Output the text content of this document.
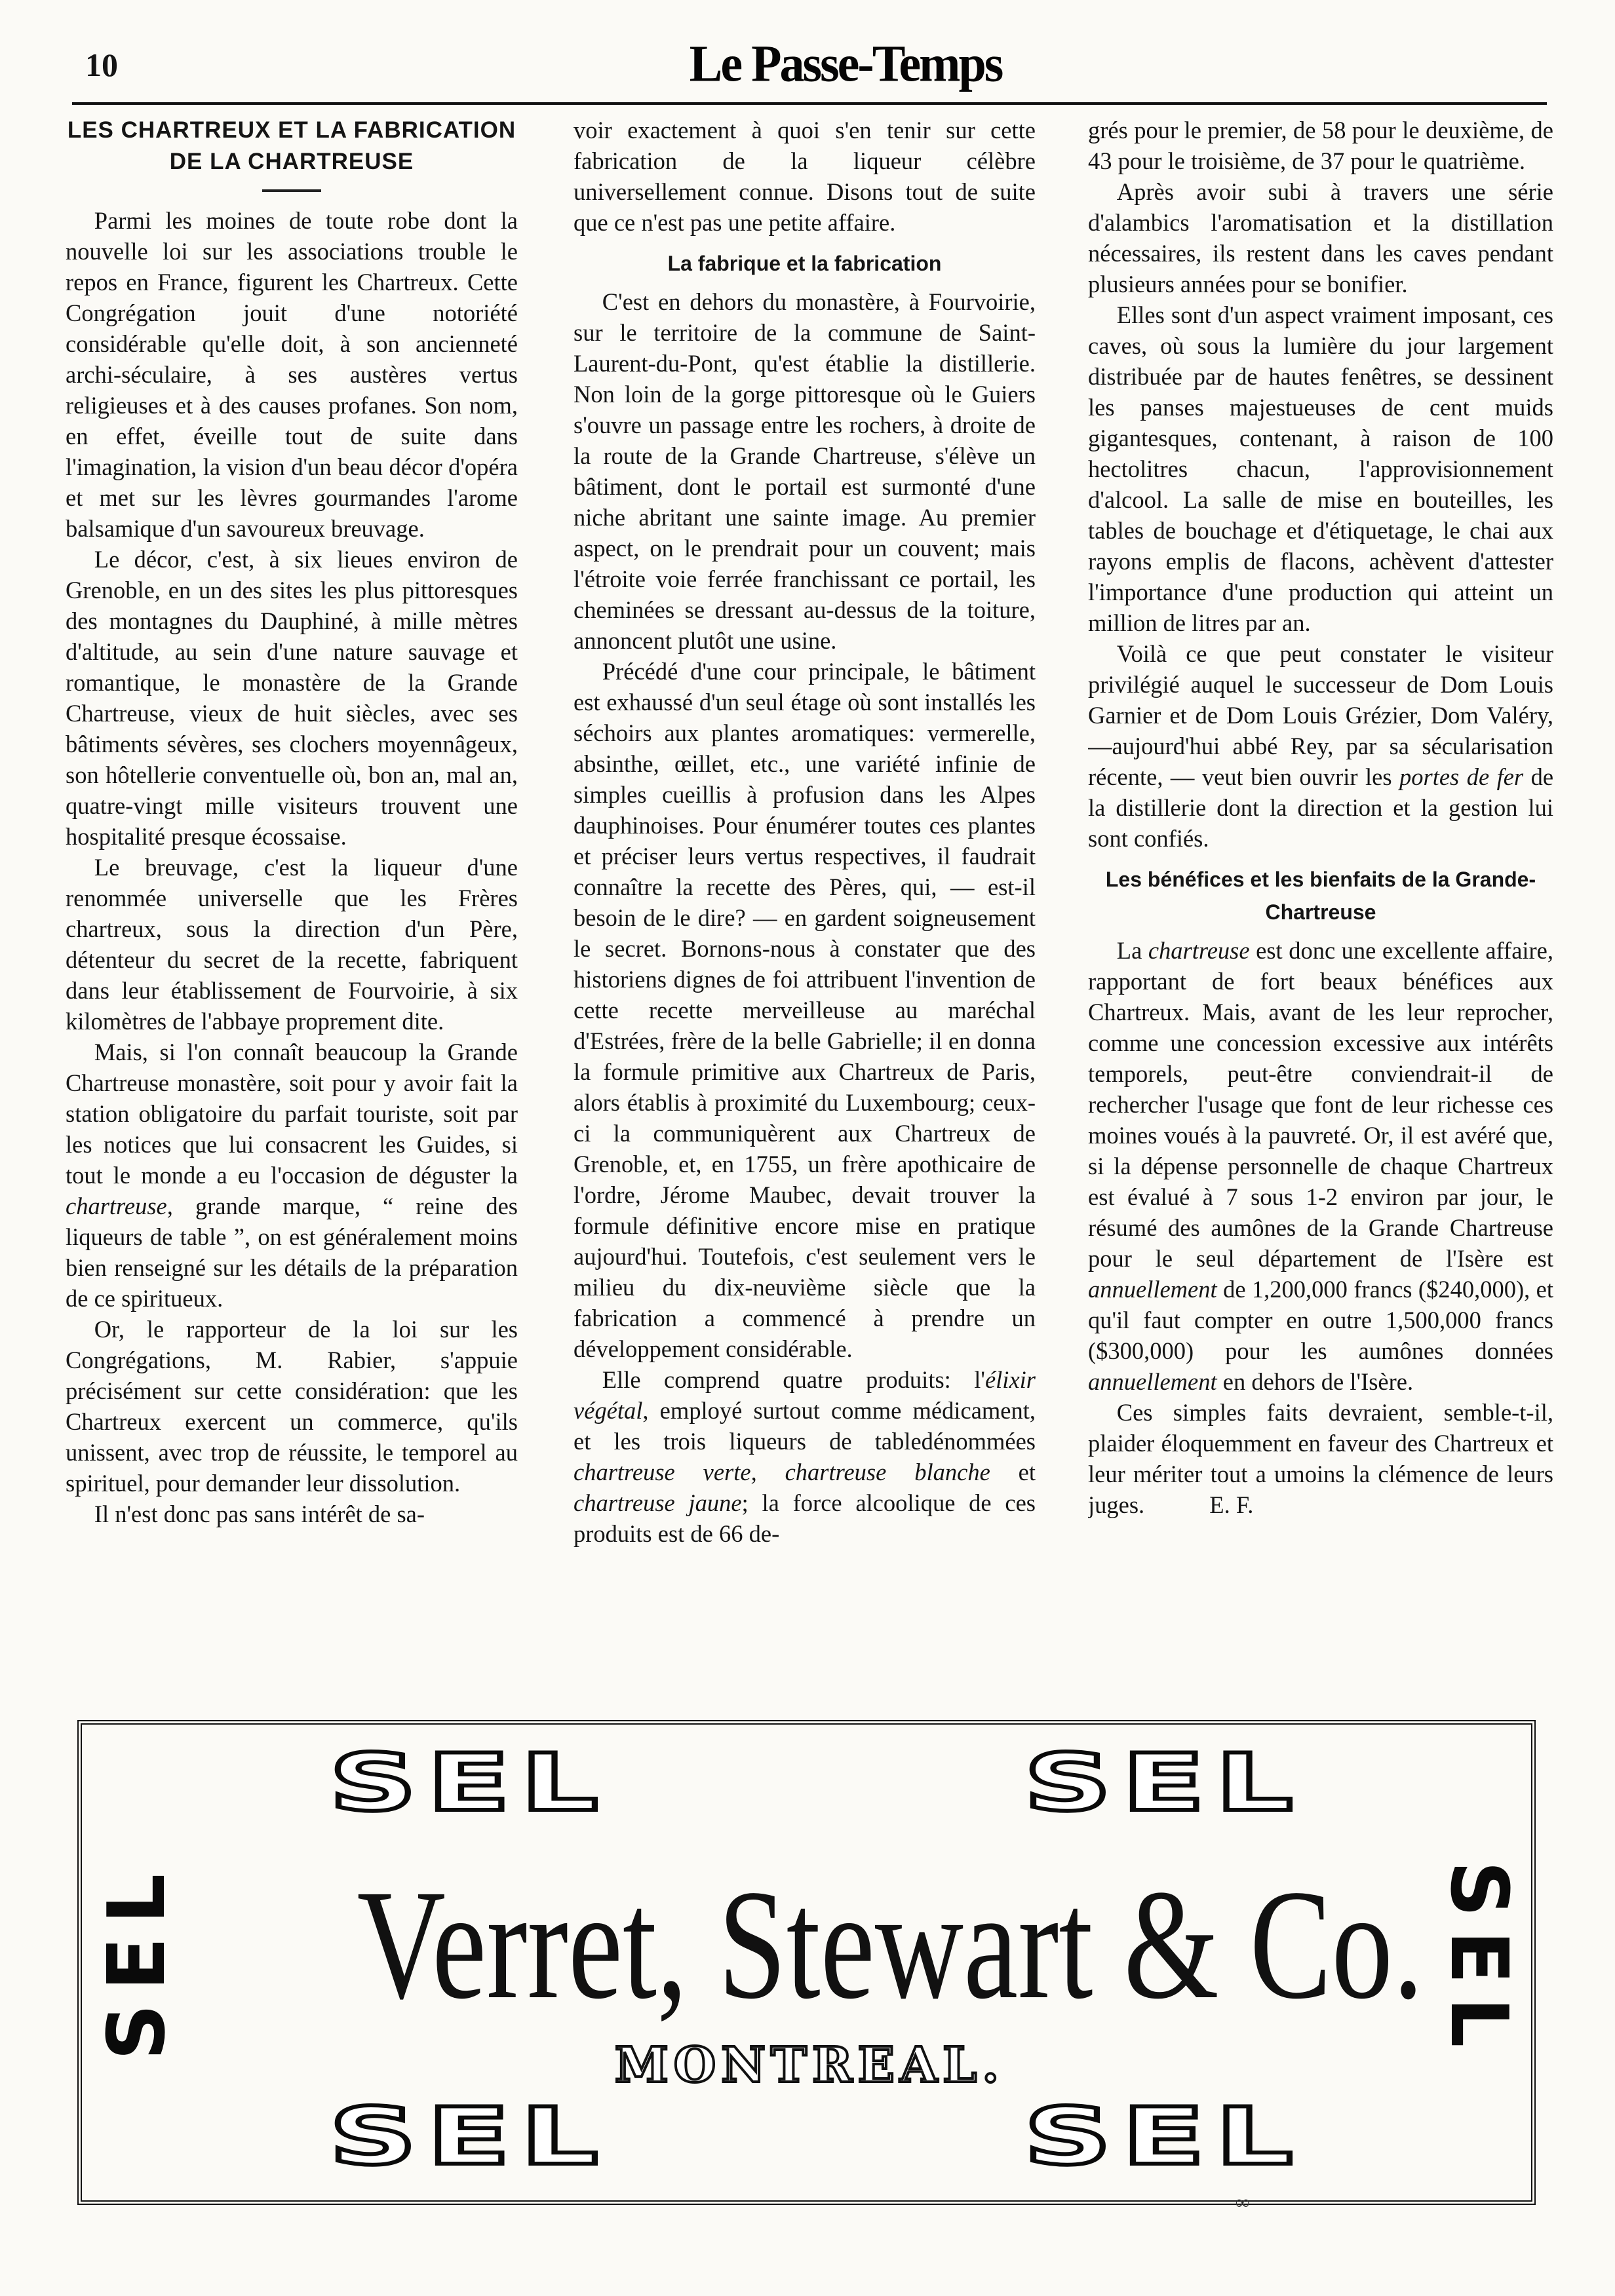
10	Le Passe-Temps
LES CHARTREUX ET LA FABRICATION DE LA CHARTREUSE

Parmi les moines de toute robe dont la nouvelle loi sur les associations trouble le repos en France, figurent les Chartreux. Cette Congrégation jouit d'une notoriété considérable qu'elle doit, à son ancienneté archi-séculaire, à ses austères vertus religieuses et à des causes profanes. Son nom, en effet, éveille tout de suite dans l'imagination, la vision d'un beau décor d'opéra et met sur les lèvres gourmandes l'arome balsamique d'un savoureux breuvage.

Le décor, c'est, à six lieues environ de Grenoble, en un des sites les plus pittoresques des montagnes du Dauphiné, à mille mètres d'altitude, au sein d'une nature sauvage et romantique, le monastère de la Grande Chartreuse, vieux de huit siècles, avec ses bâtiments sévères, ses clochers moyennâgeux, son hôtellerie conventuelle où, bon an, mal an, quatre-vingt mille visiteurs trouvent une hospitalité presque écossaise.

Le breuvage, c'est la liqueur d'une renommée universelle que les Frères chartreux, sous la direction d'un Père, détenteur du secret de la recette, fabriquent dans leur établissement de Fourvoirie, à six kilomètres de l'abbaye proprement dite.

Mais, si l'on connaît beaucoup la Grande Chartreuse monastère, soit pour y avoir fait la station obligatoire du parfait touriste, soit par les notices que lui consacrent les Guides, si tout le monde a eu l'occasion de déguster la chartreuse, grande marque, “ reine des liqueurs de table ”, on est généralement moins bien renseigné sur les détails de la préparation de ce spiritueux.

Or, le rapporteur de la loi sur les Congrégations, M. Rabier, s'appuie précisément sur cette considération: que les Chartreux exercent un commerce, qu'ils unissent, avec trop de réussite, le temporel au spirituel, pour demander leur dissolution.

Il n'est donc pas sans intérêt de sa-

voir exactement à quoi s'en tenir sur cette fabrication de la liqueur célèbre universellement connue. Disons tout de suite que ce n'est pas une petite affaire.

La fabrique et la fabrication

C'est en dehors du monastère, à Fourvoirie, sur le territoire de la commune de Saint-Laurent-du-Pont, qu'est établie la distillerie. Non loin de la gorge pittoresque où le Guiers s'ouvre un passage entre les rochers, à droite de la route de la Grande Chartreuse, s'élève un bâtiment, dont le portail est surmonté d'une niche abritant une sainte image. Au premier aspect, on le prendrait pour un couvent; mais l'étroite voie ferrée franchissant ce portail, les cheminées se dressant au-dessus de la toiture, annoncent plutôt une usine.

Précédé d'une cour principale, le bâtiment est exhaussé d'un seul étage où sont installés les séchoirs aux plantes aromatiques: vermerelle, absinthe, œillet, etc., une variété infinie de simples cueillis à profusion dans les Alpes dauphinoises. Pour énumérer toutes ces plantes et préciser leurs vertus respectives, il faudrait connaître la recette des Pères, qui, — est-il besoin de le dire? — en gardent soigneusement le secret. Bornons-nous à constater que des historiens dignes de foi attribuent l'invention de cette recette merveilleuse au maréchal d'Estrées, frère de la belle Gabrielle; il en donna la formule primitive aux Chartreux de Paris, alors établis à proximité du Luxembourg; ceux-ci la communiquèrent aux Chartreux de Grenoble, et, en 1755, un frère apothicaire de l'ordre, Jérome Maubec, devait trouver la formule définitive encore mise en pratique aujourd'hui. Toutefois, c'est seulement vers le milieu du dix-neuvième siècle que la fabrication a commencé à prendre un développement considérable.

Elle comprend quatre produits: l'élixir végétal, employé surtout comme médicament, et les trois liqueurs de tabledénommées chartreuse verte, chartreuse blanche et chartreuse jaune; la force alcoolique de ces produits est de 66 de-

grés pour le premier, de 58 pour le deuxième, de 43 pour le troisième, de 37 pour le quatrième.

Après avoir subi à travers une série d'alambics l'aromatisation et la distillation nécessaires, ils restent dans les caves pendant plusieurs années pour se bonifier.

Elles sont d'un aspect vraiment imposant, ces caves, où sous la lumière du jour largement distribuée par de hautes fenêtres, se dessinent les panses majestueuses de cent muids gigantesques, contenant, à raison de 100 hectolitres chacun, l'approvisionnement d'alcool. La salle de mise en bouteilles, les tables de bouchage et d'étiquetage, le chai aux rayons emplis de flacons, achèvent d'attester l'importance d'une production qui atteint un million de litres par an.

Voilà ce que peut constater le visiteur privilégié auquel le successeur de Dom Louis Garnier et de Dom Louis Grézier, Dom Valéry,—aujourd'hui abbé Rey, par sa sécularisation récente, — veut bien ouvrir les portes de fer de la distillerie dont la direction et la gestion lui sont confiés.

Les bénéfices et les bienfaits de la Grande-Chartreuse

La chartreuse est donc une excellente affaire, rapportant de fort beaux bénéfices aux Chartreux. Mais, avant de les leur reprocher, comme une concession excessive aux intérêts temporels, peut-être conviendrait-il de rechercher l'usage que font de leur richesse ces moines voués à la pauvreté. Or, il est avéré que, si la dépense personnelle de chaque Chartreux est évalué à 7 sous 1-2 environ par jour, le résumé des aumônes de la Grande Chartreuse pour le seul département de l'Isère est annuellement de 1,200,000 francs ($240,000), et qu'il faut compter en outre 1,500,000 francs ($300,000) pour les aumônes données annuellement en dehors de l'Isère.

Ces simples faits devraient, semble-t-il, plaider éloquemment en faveur des Chartreux et leur mériter tout a umoins la clémence de leurs juges.	E. F.

SEL	SEL
SEL	SEL
SEL	SEL
Verret, Stewart & Co.
MONTREAL.
∞
